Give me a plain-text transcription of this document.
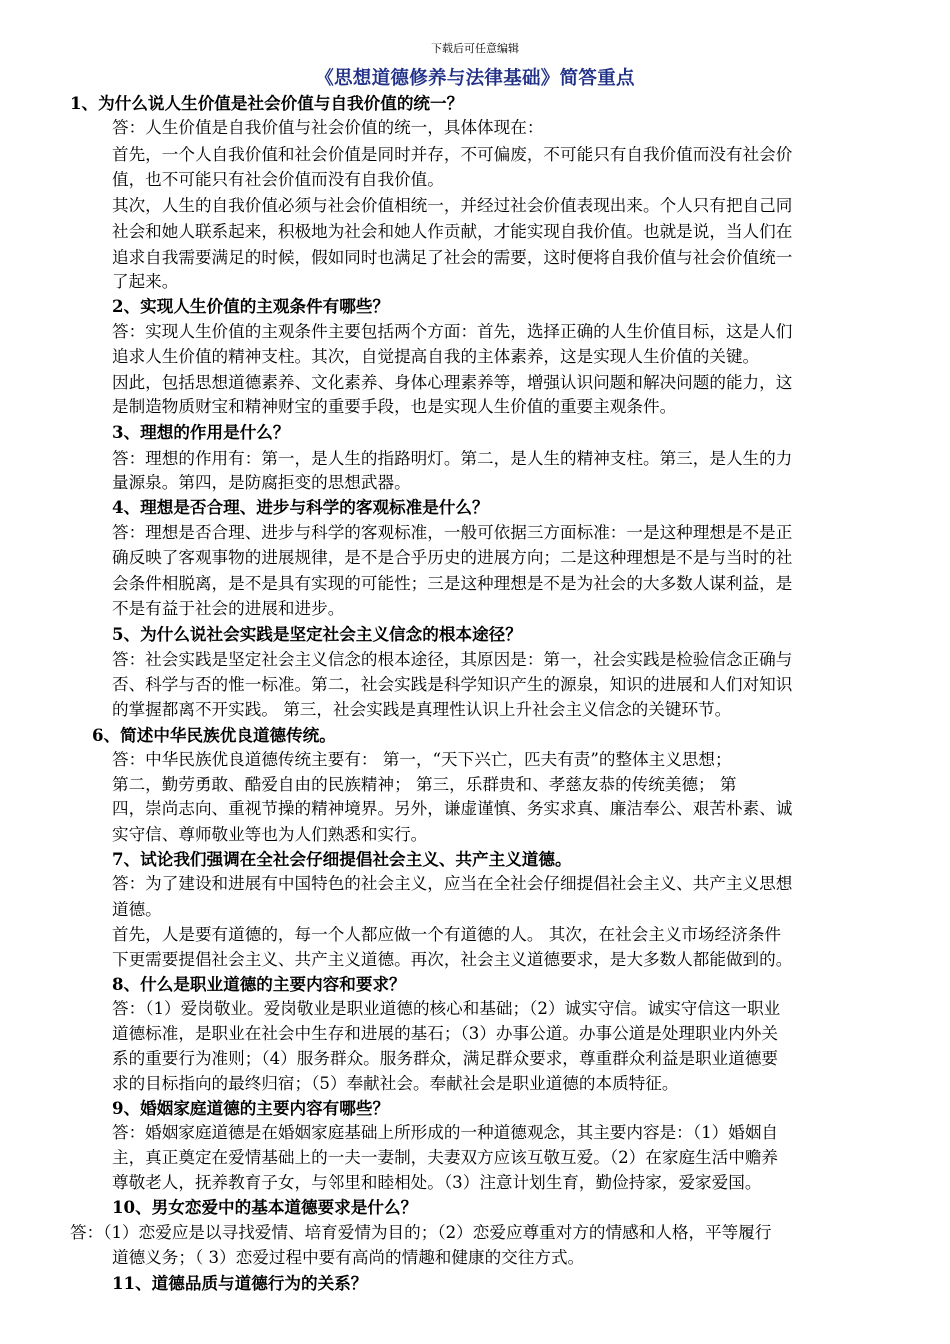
下载后可任意编辑
《思想道德修养与法律基础》简答重点
1、为什么说人生价值是社会价值与自我价值的统一？
答：人生价值是自我价值与社会价值的统一，具体体现在：
首先，一个人自我价值和社会价值是同时并存，不可偏废，不可能只有自我价值而没有社会价
值，也不可能只有社会价值而没有自我价值。
其次，人生的自我价值必须与社会价值相统一，并经过社会价值表现出来。个人只有把自己同
社会和她人联系起来，积极地为社会和她人作贡献，才能实现自我价值。也就是说，当人们在
追求自我需要满足的时候，假如同时也满足了社会的需要，这时便将自我价值与社会价值统一
了起来。
2、实现人生价值的主观条件有哪些？
答：实现人生价值的主观条件主要包括两个方面：首先，选择正确的人生价值目标，这是人们
追求人生价值的精神支柱。其次，自觉提高自我的主体素养，这是实现人生价值的关键。
因此，包括思想道德素养、文化素养、身体心理素养等，增强认识问题和解决问题的能力，这
是制造物质财宝和精神财宝的重要手段，也是实现人生价值的重要主观条件。
3、理想的作用是什么？
答：理想的作用有：第一，是人生的指路明灯。第二，是人生的精神支柱。第三，是人生的力
量源泉。第四，是防腐拒变的思想武器。
4、理想是否合理、进步与科学的客观标准是什么？
答：理想是否合理、进步与科学的客观标准，一般可依据三方面标准：一是这种理想是不是正
确反映了客观事物的进展规律，是不是合乎历史的进展方向；二是这种理想是不是与当时的社
会条件相脱离，是不是具有实现的可能性；三是这种理想是不是为社会的大多数人谋利益，是
不是有益于社会的进展和进步。
5、为什么说社会实践是坚定社会主义信念的根本途径？
答：社会实践是坚定社会主义信念的根本途径，其原因是：第一，社会实践是检验信念正确与
否、科学与否的惟一标准。第二，社会实践是科学知识产生的源泉，知识的进展和人们对知识
的掌握都离不开实践。 第三，社会实践是真理性认识上升社会主义信念的关键环节。
6、简述中华民族优良道德传统。
答：中华民族优良道德传统主要有： 第一，“天下兴亡，匹夫有责”的整体主义思想；
第二，勤劳勇敢、酷爱自由的民族精神； 第三，乐群贵和、孝慈友恭的传统美德； 第
四，崇尚志向、重视节操的精神境界。另外，谦虚谨慎、务实求真、廉洁奉公、艰苦朴素、诚
实守信、尊师敬业等也为人们熟悉和实行。
7、试论我们强调在全社会仔细提倡社会主义、共产主义道德。
答：为了建设和进展有中国特色的社会主义，应当在全社会仔细提倡社会主义、共产主义思想
道德。
首先，人是要有道德的，每一个人都应做一个有道德的人。 其次，在社会主义市场经济条件
下更需要提倡社会主义、共产主义道德。再次，社会主义道德要求，是大多数人都能做到的。
8、什么是职业道德的主要内容和要求？
答：（1）爱岗敬业。爱岗敬业是职业道德的核心和基础；（2）诚实守信。诚实守信这一职业
道德标准，是职业在社会中生存和进展的基石；（3）办事公道。办事公道是处理职业内外关
系的重要行为准则；（4）服务群众。服务群众，满足群众要求，尊重群众利益是职业道德要
求的目标指向的最终归宿；（5）奉献社会。奉献社会是职业道德的本质特征。
9、婚姻家庭道德的主要内容有哪些？
答：婚姻家庭道德是在婚姻家庭基础上所形成的一种道德观念，其主要内容是：（1）婚姻自
主，真正奠定在爱情基础上的一夫一妻制，夫妻双方应该互敬互爱。（2）在家庭生活中赡养
尊敬老人，抚养教育子女，与邻里和睦相处。（3）注意计划生育，勤俭持家，爱家爱国。
10、男女恋爱中的基本道德要求是什么？
答：（1）恋爱应是以寻找爱情、培育爱情为目的；（2）恋爱应尊重对方的情感和人格，平等履行
道德义务；（ 3）恋爱过程中要有高尚的情趣和健康的交往方式。
11、道德品质与道德行为的关系？
